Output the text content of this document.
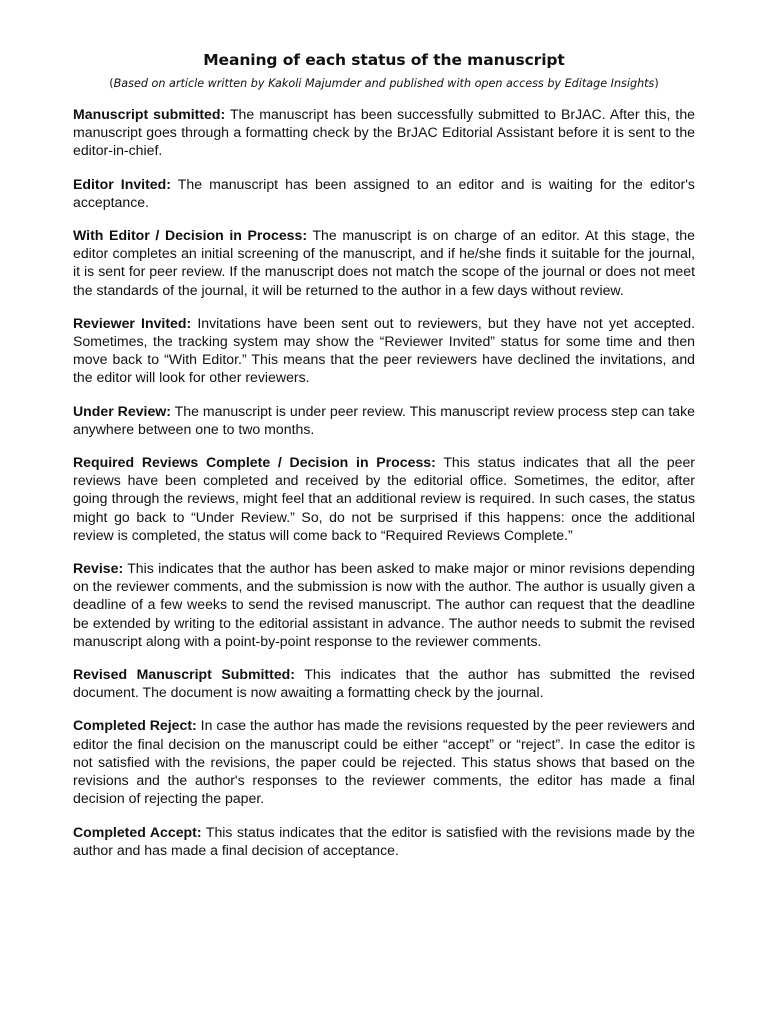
Meaning of each status of the manuscript

(Based on article written by Kakoli Majumder and published with open access by Editage Insights)

Manuscript submitted: The manuscript has been successfully submitted to BrJAC. After this, the manuscript goes through a formatting check by the BrJAC Editorial Assistant before it is sent to the editor-in-chief.

Editor Invited: The manuscript has been assigned to an editor and is waiting for the editor's acceptance.

With Editor / Decision in Process: The manuscript is on charge of an editor. At this stage, the editor completes an initial screening of the manuscript, and if he/she finds it suitable for the journal, it is sent for peer review. If the manuscript does not match the scope of the journal or does not meet the standards of the journal, it will be returned to the author in a few days without review.

Reviewer Invited: Invitations have been sent out to reviewers, but they have not yet accepted. Sometimes, the tracking system may show the “Reviewer Invited” status for some time and then move back to “With Editor.” This means that the peer reviewers have declined the invitations, and the editor will look for other reviewers.

Under Review: The manuscript is under peer review. This manuscript review process step can take anywhere between one to two months.

Required Reviews Complete / Decision in Process: This status indicates that all the peer reviews have been completed and received by the editorial office. Sometimes, the editor, after going through the reviews, might feel that an additional review is required. In such cases, the status might go back to “Under Review.” So, do not be surprised if this happens: once the additional review is completed, the status will come back to “Required Reviews Complete.”

Revise: This indicates that the author has been asked to make major or minor revisions depending on the reviewer comments, and the submission is now with the author. The author is usually given a deadline of a few weeks to send the revised manuscript. The author can request that the deadline be extended by writing to the editorial assistant in advance. The author needs to submit the revised manuscript along with a point-by-point response to the reviewer comments.

Revised Manuscript Submitted: This indicates that the author has submitted the revised document. The document is now awaiting a formatting check by the journal.

Completed Reject: In case the author has made the revisions requested by the peer reviewers and editor the final decision on the manuscript could be either “accept” or “reject”. In case the editor is not satisfied with the revisions, the paper could be rejected. This status shows that based on the revisions and the author's responses to the reviewer comments, the editor has made a final decision of rejecting the paper.

Completed Accept: This status indicates that the editor is satisfied with the revisions made by the author and has made a final decision of acceptance.
